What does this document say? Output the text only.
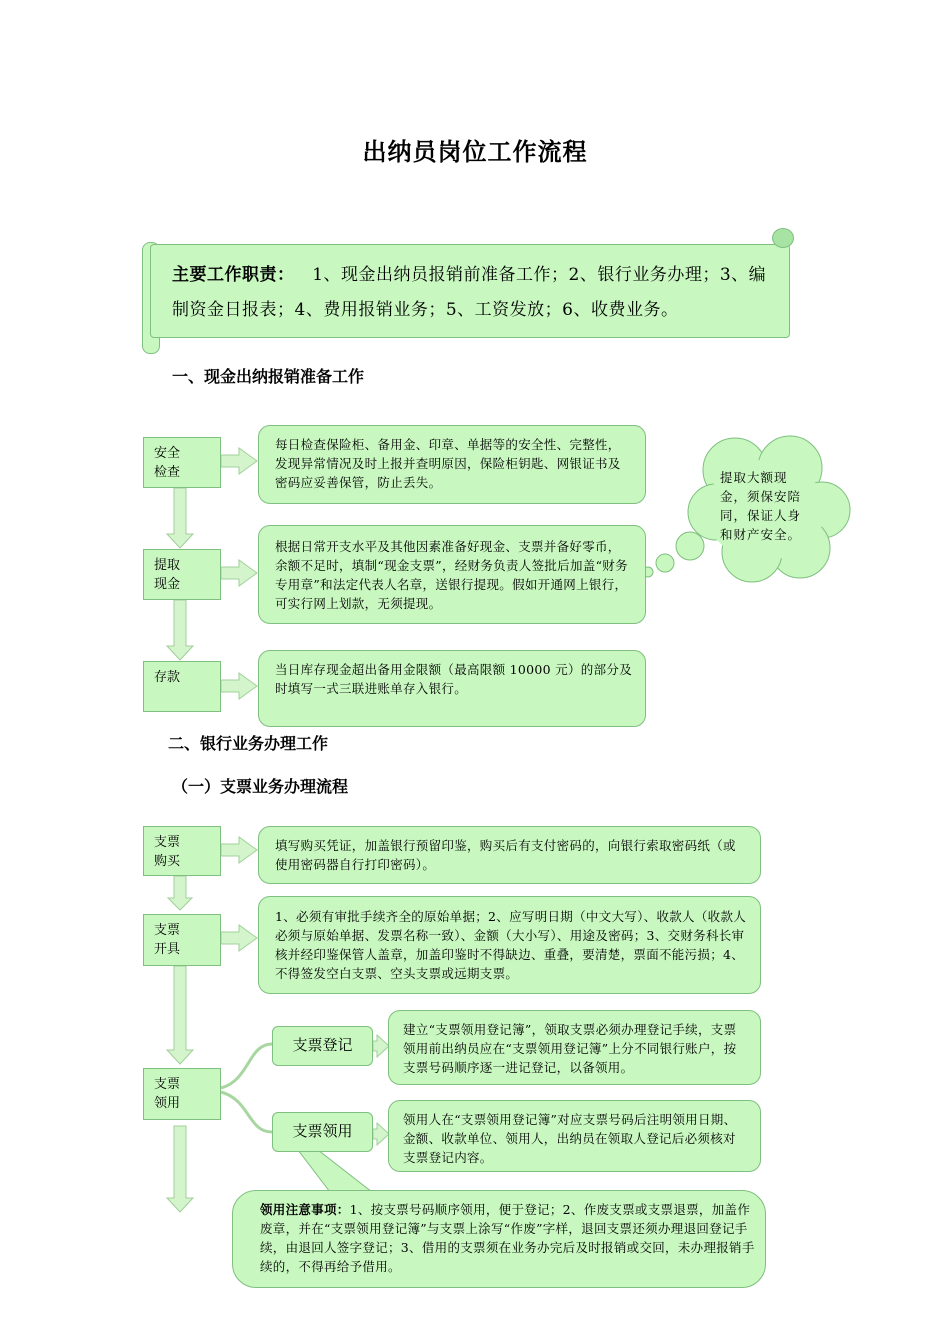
出纳员岗位工作流程
主要工作职责： 1、现金出纳员报销前准备工作；2、银行业务办理；3、编制资金日报表；4、费用报销业务；5、工资发放；6、收费业务。
一、现金出纳报销准备工作
安全检查
提取现金
存款
每日检查保险柜、备用金、印章、单据等的安全性、完整性，发现异常情况及时上报并查明原因，保险柜钥匙、网银证书及密码应妥善保管，防止丢失。
根据日常开支水平及其他因素准备好现金、支票并备好零币，余额不足时，填制“现金支票”，经财务负责人签批后加盖“财务专用章”和法定代表人名章，送银行提现。假如开通网上银行，可实行网上划款，无须提现。
当日库存现金超出备用金限额（最高限额 10000 元）的部分及时填写一式三联进账单存入银行。
提取大额现金，须保安陪同，保证人身和财产安全。
二、银行业务办理工作
（一）支票业务办理流程
支票购买
支票开具
支票领用
填写购买凭证，加盖银行预留印鉴，购买后有支付密码的，向银行索取密码纸（或使用密码器自行打印密码）。
1、必须有审批手续齐全的原始单据；2、应写明日期（中文大写）、收款人（收款人必须与原始单据、发票名称一致）、金额（大小写）、用途及密码；3、交财务科长审核并经印鉴保管人盖章，加盖印鉴时不得缺边、重叠，要清楚，票面不能污损；4、不得签发空白支票、空头支票或远期支票。
支票登记
支票领用
建立“支票领用登记簿”，领取支票必须办理登记手续，支票领用前出纳员应在“支票领用登记簿”上分不同银行账户，按支票号码顺序逐一进记登记，以备领用。
领用人在“支票领用登记簿”对应支票号码后注明领用日期、金额、收款单位、领用人，出纳员在领取人登记后必须核对支票登记内容。
领用注意事项：1、按支票号码顺序领用，便于登记；2、作废支票或支票退票，加盖作废章，并在“支票领用登记簿”与支票上涂写“作废”字样，退回支票还须办理退回登记手续，由退回人签字登记；3、借用的支票须在业务办完后及时报销或交回，未办理报销手续的，不得再给予借用。
